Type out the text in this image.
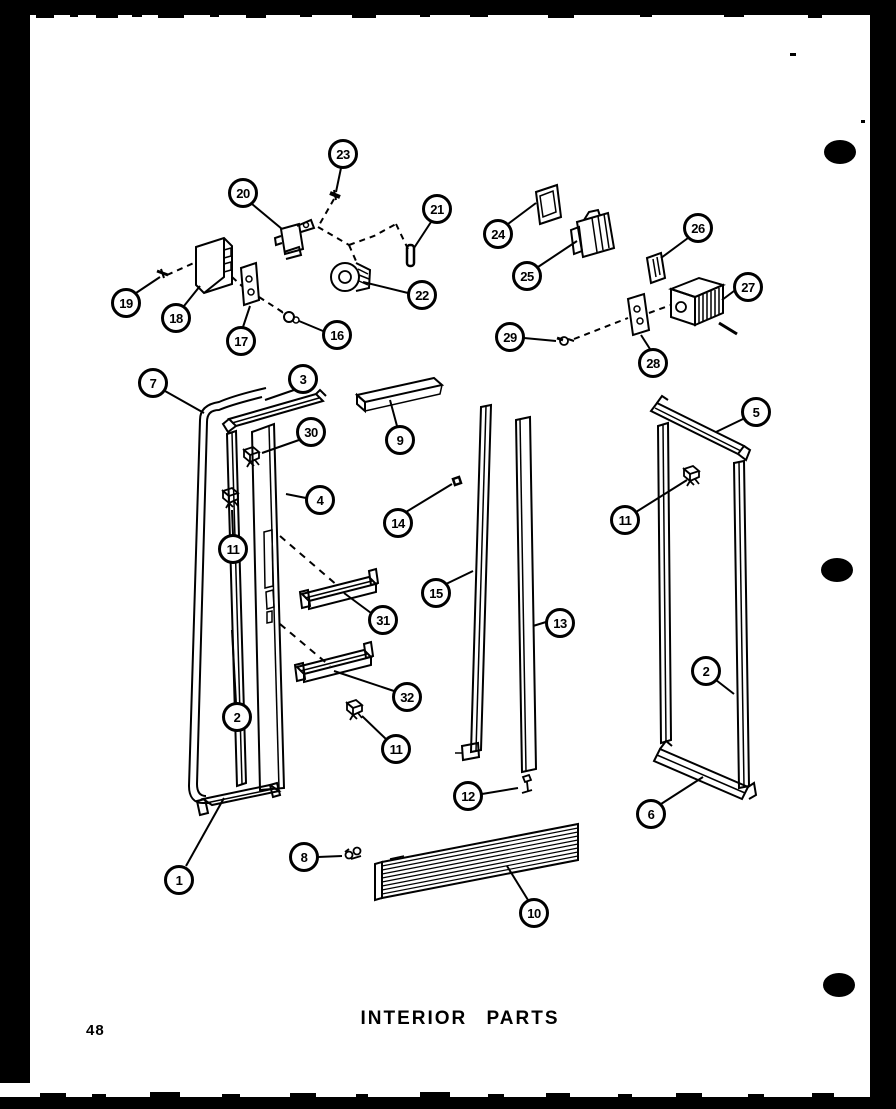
1
2
2
3
4
5
6
7
8
9
10
11
11
11
12
13
14
15
16
17
18
19
20
21
22
23
24
25
26
27
28
29
30
31
32
INTERIOR PARTS
48
